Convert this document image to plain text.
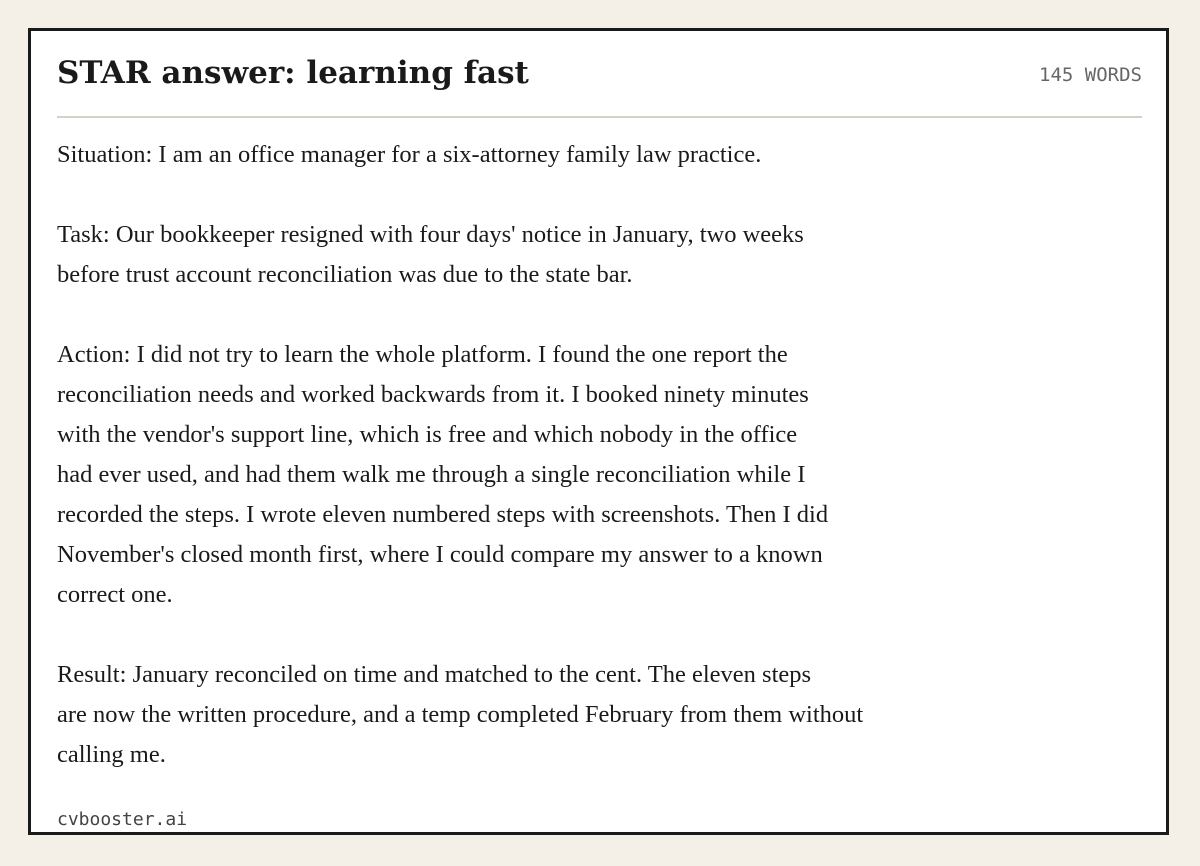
STAR answer: learning fast	145 WORDS

Situation: I am an office manager for a six-attorney family law practice.

Task: Our bookkeeper resigned with four days' notice in January, two weeks
before trust account reconciliation was due to the state bar.

Action: I did not try to learn the whole platform. I found the one report the
reconciliation needs and worked backwards from it. I booked ninety minutes
with the vendor's support line, which is free and which nobody in the office
had ever used, and had them walk me through a single reconciliation while I
recorded the steps. I wrote eleven numbered steps with screenshots. Then I did
November's closed month first, where I could compare my answer to a known
correct one.

Result: January reconciled on time and matched to the cent. The eleven steps
are now the written procedure, and a temp completed February from them without
calling me.

cvbooster.ai
